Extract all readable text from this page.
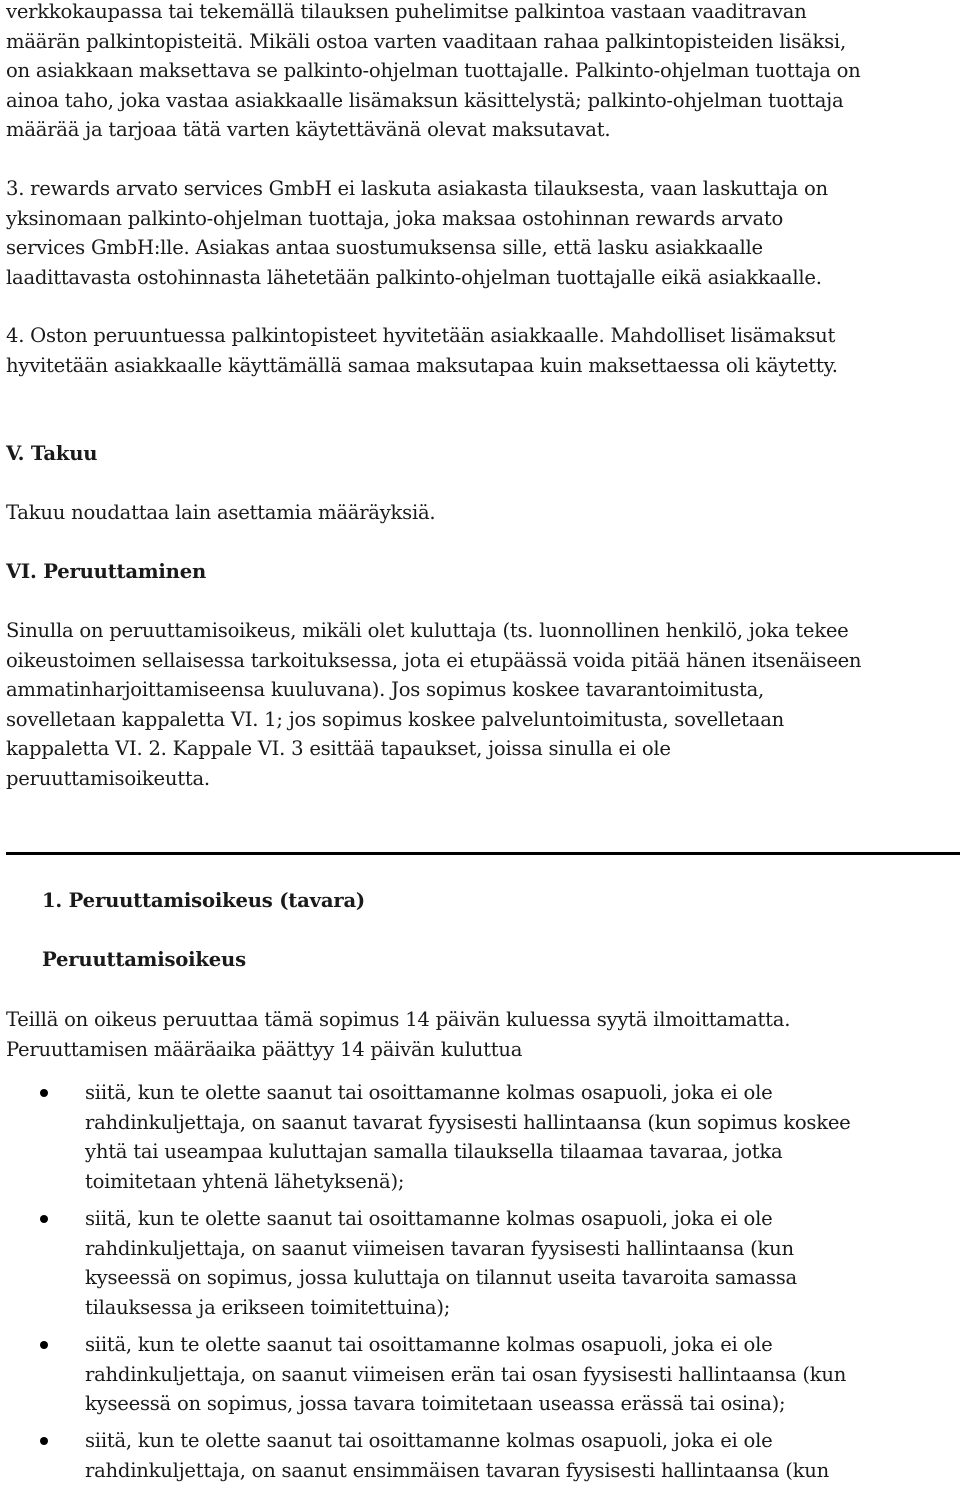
verkkokaupassa tai tekemällä tilauksen puhelimitse palkintoa vastaan vaaditravan
määrän palkintopisteitä. Mikäli ostoa varten vaaditaan rahaa palkintopisteiden lisäksi,
on asiakkaan maksettava se palkinto-ohjelman tuottajalle. Palkinto-ohjelman tuottaja on
ainoa taho, joka vastaa asiakkaalle lisämaksun käsittelystä; palkinto-ohjelman tuottaja
määrää ja tarjoaa tätä varten käytettävänä olevat maksutavat.
3. rewards arvato services GmbH ei laskuta asiakasta tilauksesta, vaan laskuttaja on
yksinomaan palkinto-ohjelman tuottaja, joka maksaa ostohinnan rewards arvato
services GmbH:lle. Asiakas antaa suostumuksensa sille, että lasku asiakkaalle
laadittavasta ostohinnasta lähetetään palkinto-ohjelman tuottajalle eikä asiakkaalle.
4. Oston peruuntuessa palkintopisteet hyvitetään asiakkaalle. Mahdolliset lisämaksut
hyvitetään asiakkaalle käyttämällä samaa maksutapaa kuin maksettaessa oli käytetty.
V. Takuu
Takuu noudattaa lain asettamia määräyksiä.
VI. Peruuttaminen
Sinulla on peruuttamisoikeus, mikäli olet kuluttaja (ts. luonnollinen henkilö, joka tekee
oikeustoimen sellaisessa tarkoituksessa, jota ei etupäässä voida pitää hänen itsenäiseen
ammatinharjoittamiseensa kuuluvana). Jos sopimus koskee tavarantoimitusta,
sovelletaan kappaletta VI. 1; jos sopimus koskee palveluntoimitusta, sovelletaan
kappaletta VI. 2. Kappale VI. 3 esittää tapaukset, joissa sinulla ei ole
peruuttamisoikeutta.
1. Peruuttamisoikeus (tavara)
Peruuttamisoikeus
Teillä on oikeus peruuttaa tämä sopimus 14 päivän kuluessa syytä ilmoittamatta.
Peruuttamisen määräaika päättyy 14 päivän kuluttua
siitä, kun te olette saanut tai osoittamanne kolmas osapuoli, joka ei ole
rahdinkuljettaja, on saanut tavarat fyysisesti hallintaansa (kun sopimus koskee
yhtä tai useampaa kuluttajan samalla tilauksella tilaamaa tavaraa, jotka
toimitetaan yhtenä lähetyksenä);
siitä, kun te olette saanut tai osoittamanne kolmas osapuoli, joka ei ole
rahdinkuljettaja, on saanut viimeisen tavaran fyysisesti hallintaansa (kun
kyseessä on sopimus, jossa kuluttaja on tilannut useita tavaroita samassa
tilauksessa ja erikseen toimitettuina);
siitä, kun te olette saanut tai osoittamanne kolmas osapuoli, joka ei ole
rahdinkuljettaja, on saanut viimeisen erän tai osan fyysisesti hallintaansa (kun
kyseessä on sopimus, jossa tavara toimitetaan useassa erässä tai osina);
siitä, kun te olette saanut tai osoittamanne kolmas osapuoli, joka ei ole
rahdinkuljettaja, on saanut ensimmäisen tavaran fyysisesti hallintaansa (kun
